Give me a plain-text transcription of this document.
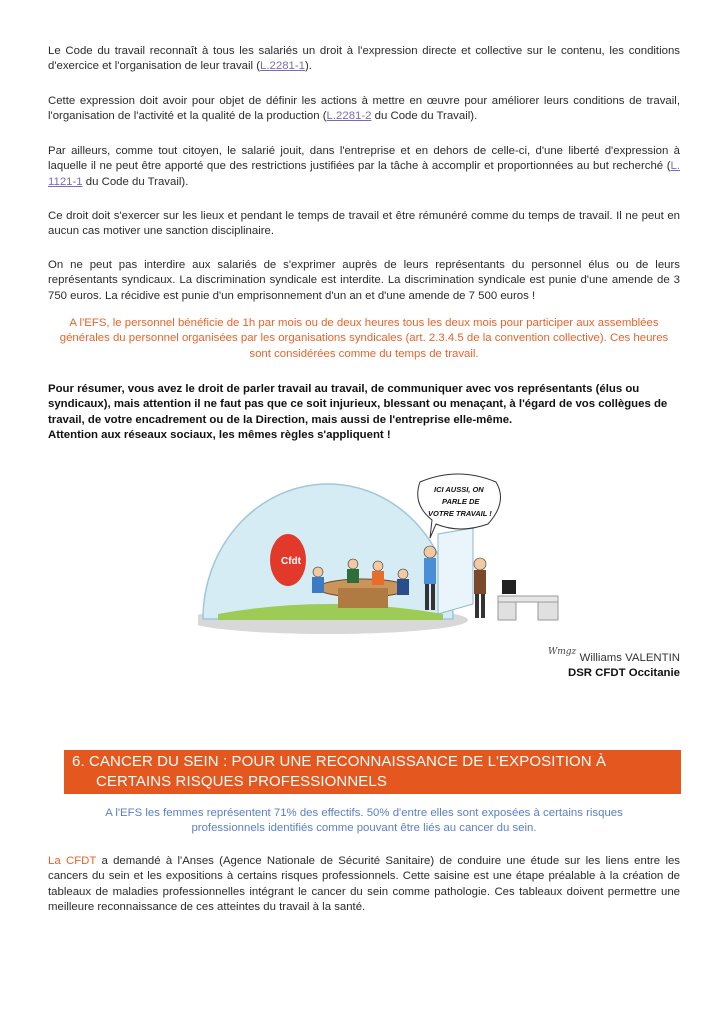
Le Code du travail reconnaît à tous les salariés un droit à l'expression directe et collective sur le contenu, les conditions d'exercice et l'organisation de leur travail (L.2281-1).

Cette expression doit avoir pour objet de définir les actions à mettre en œuvre pour améliorer leurs conditions de travail, l'organisation de l'activité et la qualité de la production (L.2281-2 du Code du Travail).

Par ailleurs, comme tout citoyen, le salarié jouit, dans l'entreprise et en dehors de celle-ci, d'une liberté d'expression à laquelle il ne peut être apporté que des restrictions justifiées par la tâche à accomplir et proportionnées au but recherché (L. 1121-1 du Code du Travail).

Ce droit doit s'exercer sur les lieux et pendant le temps de travail et être rémunéré comme du temps de travail. Il ne peut en aucun cas motiver une sanction disciplinaire.

On ne peut pas interdire aux salariés de s'exprimer auprès de leurs représentants du personnel élus ou de leurs représentants syndicaux. La discrimination syndicale est interdite. La discrimination syndicale est punie d'une amende de 3 750 euros. La récidive est punie d'un emprisonnement d'un an et d'une amende de 7 500 euros !

A l'EFS, le personnel bénéficie de 1h par mois ou de deux heures tous les deux mois pour participer aux assemblées générales du personnel organisées par les organisations syndicales (art. 2.3.4.5 de la convention collective). Ces heures sont considérées comme du temps de travail.

Pour résumer, vous avez le droit de parler travail au travail, de communiquer avec vos représentants (élus ou syndicaux), mais attention il ne faut pas que ce soit injurieux, blessant ou menaçant, à l'égard de vos collègues de travail, de votre encadrement ou de la Direction, mais aussi de l'entreprise elle-même.
Attention aux réseaux sociaux, les mêmes règles s'appliquent !

Cfdt
ICI AUSSI, ON PARLE DE VOTRE TRAVAIL !
Wmgz Williams VALENTIN
DSR CFDT Occitanie
6. CANCER DU SEIN : POUR UNE RECONNAISSANCE DE L'EXPOSITION À
CERTAINS RISQUES PROFESSIONNELS

A l'EFS les femmes représentent 71% des effectifs. 50% d'entre elles sont exposées à certains risques professionnels identifiés comme pouvant être liés au cancer du sein.

La CFDT a demandé à l'Anses (Agence Nationale de Sécurité Sanitaire) de conduire une étude sur les liens entre les cancers du sein et les expositions à certains risques professionnels. Cette saisine est une étape préalable à la création de tableaux de maladies professionnelles intégrant le cancer du sein comme pathologie. Ces tableaux doivent permettre une meilleure reconnaissance de ces atteintes du travail à la santé.
